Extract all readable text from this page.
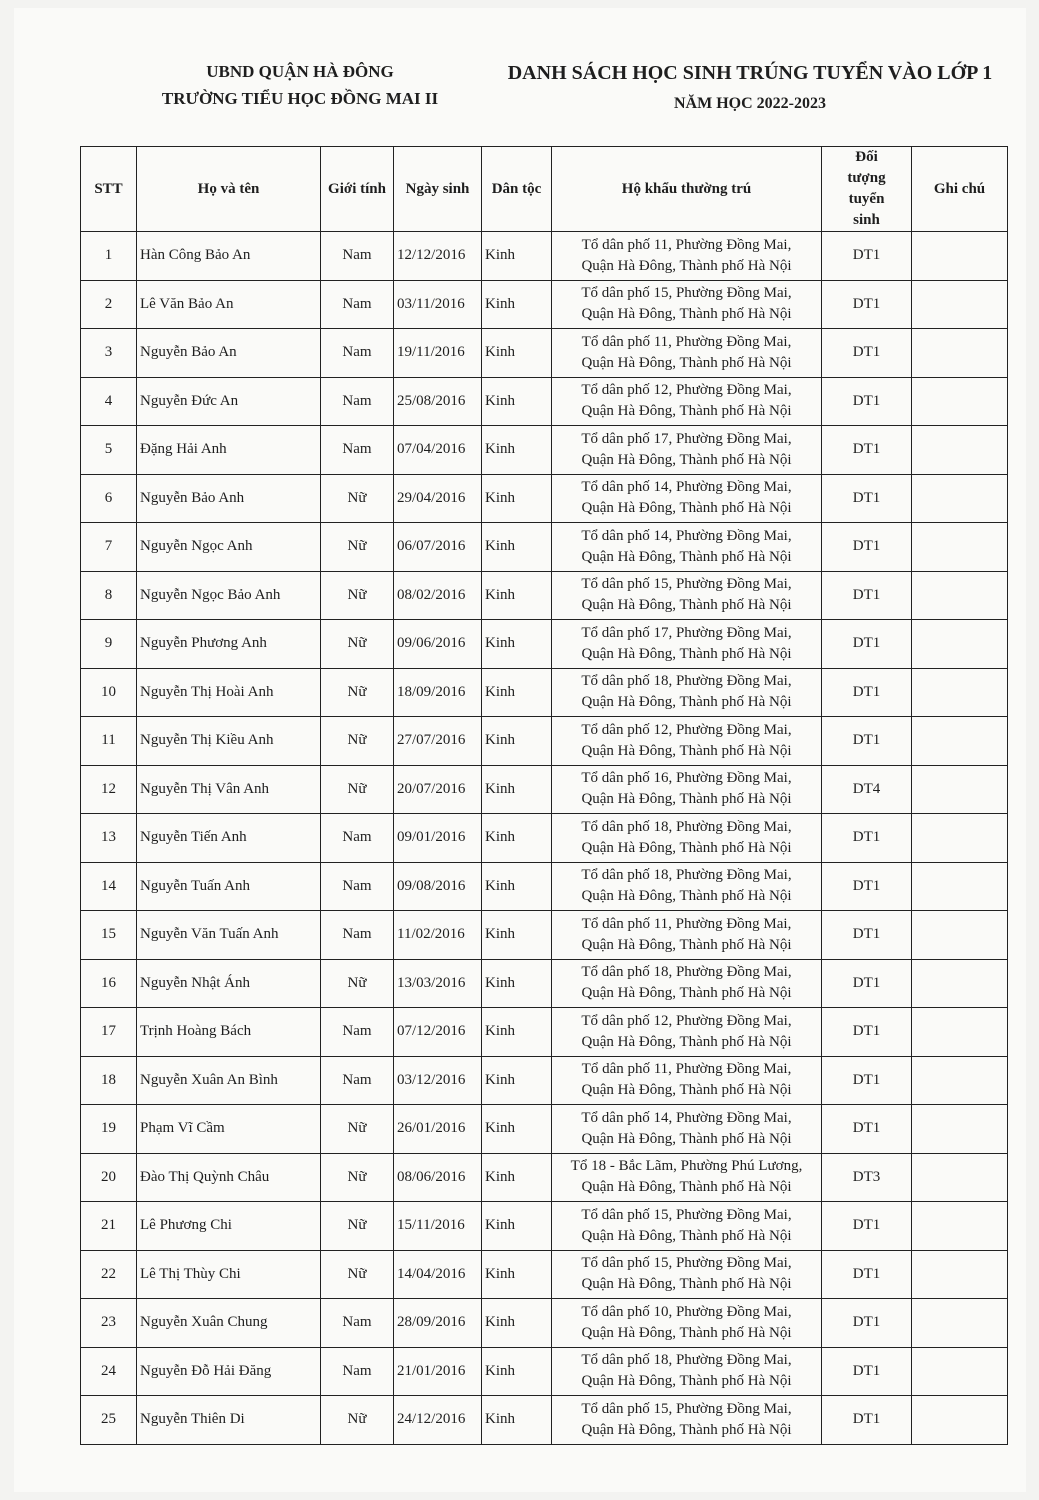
UBND QUẬN HÀ ĐÔNG
TRƯỜNG TIỂU HỌC ĐỒNG MAI II
DANH SÁCH HỌC SINH TRÚNG TUYỂN VÀO LỚP 1
NĂM HỌC 2022-2023
STT	Họ và tên	Giới tính	Ngày sinh	Dân tộc	Hộ khẩu thường trú	Đối tượng tuyển sinh	Ghi chú
1	Hàn Công Bảo An	Nam	12/12/2016	Kinh	Tổ dân phố 11, Phường Đồng Mai,
Quận Hà Đông, Thành phố Hà Nội	DT1	
2	Lê Văn Bảo An	Nam	03/11/2016	Kinh	Tổ dân phố 15, Phường Đồng Mai,
Quận Hà Đông, Thành phố Hà Nội	DT1	
3	Nguyễn Bảo An	Nam	19/11/2016	Kinh	Tổ dân phố 11, Phường Đồng Mai,
Quận Hà Đông, Thành phố Hà Nội	DT1	
4	Nguyễn Đức An	Nam	25/08/2016	Kinh	Tổ dân phố 12, Phường Đồng Mai,
Quận Hà Đông, Thành phố Hà Nội	DT1	
5	Đặng Hải Anh	Nam	07/04/2016	Kinh	Tổ dân phố 17, Phường Đồng Mai,
Quận Hà Đông, Thành phố Hà Nội	DT1	
6	Nguyễn Bảo Anh	Nữ	29/04/2016	Kinh	Tổ dân phố 14, Phường Đồng Mai,
Quận Hà Đông, Thành phố Hà Nội	DT1	
7	Nguyễn Ngọc Anh	Nữ	06/07/2016	Kinh	Tổ dân phố 14, Phường Đồng Mai,
Quận Hà Đông, Thành phố Hà Nội	DT1	
8	Nguyễn Ngọc Bảo Anh	Nữ	08/02/2016	Kinh	Tổ dân phố 15, Phường Đồng Mai,
Quận Hà Đông, Thành phố Hà Nội	DT1	
9	Nguyễn Phương Anh	Nữ	09/06/2016	Kinh	Tổ dân phố 17, Phường Đồng Mai,
Quận Hà Đông, Thành phố Hà Nội	DT1	
10	Nguyễn Thị Hoài Anh	Nữ	18/09/2016	Kinh	Tổ dân phố 18, Phường Đồng Mai,
Quận Hà Đông, Thành phố Hà Nội	DT1	
11	Nguyễn Thị Kiều Anh	Nữ	27/07/2016	Kinh	Tổ dân phố 12, Phường Đồng Mai,
Quận Hà Đông, Thành phố Hà Nội	DT1	
12	Nguyễn Thị Vân Anh	Nữ	20/07/2016	Kinh	Tổ dân phố 16, Phường Đồng Mai,
Quận Hà Đông, Thành phố Hà Nội	DT4	
13	Nguyễn Tiến Anh	Nam	09/01/2016	Kinh	Tổ dân phố 18, Phường Đồng Mai,
Quận Hà Đông, Thành phố Hà Nội	DT1	
14	Nguyễn Tuấn Anh	Nam	09/08/2016	Kinh	Tổ dân phố 18, Phường Đồng Mai,
Quận Hà Đông, Thành phố Hà Nội	DT1	
15	Nguyễn Văn Tuấn Anh	Nam	11/02/2016	Kinh	Tổ dân phố 11, Phường Đồng Mai,
Quận Hà Đông, Thành phố Hà Nội	DT1	
16	Nguyễn Nhật Ánh	Nữ	13/03/2016	Kinh	Tổ dân phố 18, Phường Đồng Mai,
Quận Hà Đông, Thành phố Hà Nội	DT1	
17	Trịnh Hoàng Bách	Nam	07/12/2016	Kinh	Tổ dân phố 12, Phường Đồng Mai,
Quận Hà Đông, Thành phố Hà Nội	DT1	
18	Nguyễn Xuân An Bình	Nam	03/12/2016	Kinh	Tổ dân phố 11, Phường Đồng Mai,
Quận Hà Đông, Thành phố Hà Nội	DT1	
19	Phạm Vĩ Cầm	Nữ	26/01/2016	Kinh	Tổ dân phố 14, Phường Đồng Mai,
Quận Hà Đông, Thành phố Hà Nội	DT1	
20	Đào Thị Quỳnh Châu	Nữ	08/06/2016	Kinh	Tổ 18 - Bắc Lãm, Phường Phú Lương,
Quận Hà Đông, Thành phố Hà Nội	DT3	
21	Lê Phương Chi	Nữ	15/11/2016	Kinh	Tổ dân phố 15, Phường Đồng Mai,
Quận Hà Đông, Thành phố Hà Nội	DT1	
22	Lê Thị Thùy Chi	Nữ	14/04/2016	Kinh	Tổ dân phố 15, Phường Đồng Mai,
Quận Hà Đông, Thành phố Hà Nội	DT1	
23	Nguyễn Xuân Chung	Nam	28/09/2016	Kinh	Tổ dân phố 10, Phường Đồng Mai,
Quận Hà Đông, Thành phố Hà Nội	DT1	
24	Nguyễn Đỗ Hải Đăng	Nam	21/01/2016	Kinh	Tổ dân phố 18, Phường Đồng Mai,
Quận Hà Đông, Thành phố Hà Nội	DT1	
25	Nguyễn Thiên Di	Nữ	24/12/2016	Kinh	Tổ dân phố 15, Phường Đồng Mai,
Quận Hà Đông, Thành phố Hà Nội	DT1	
